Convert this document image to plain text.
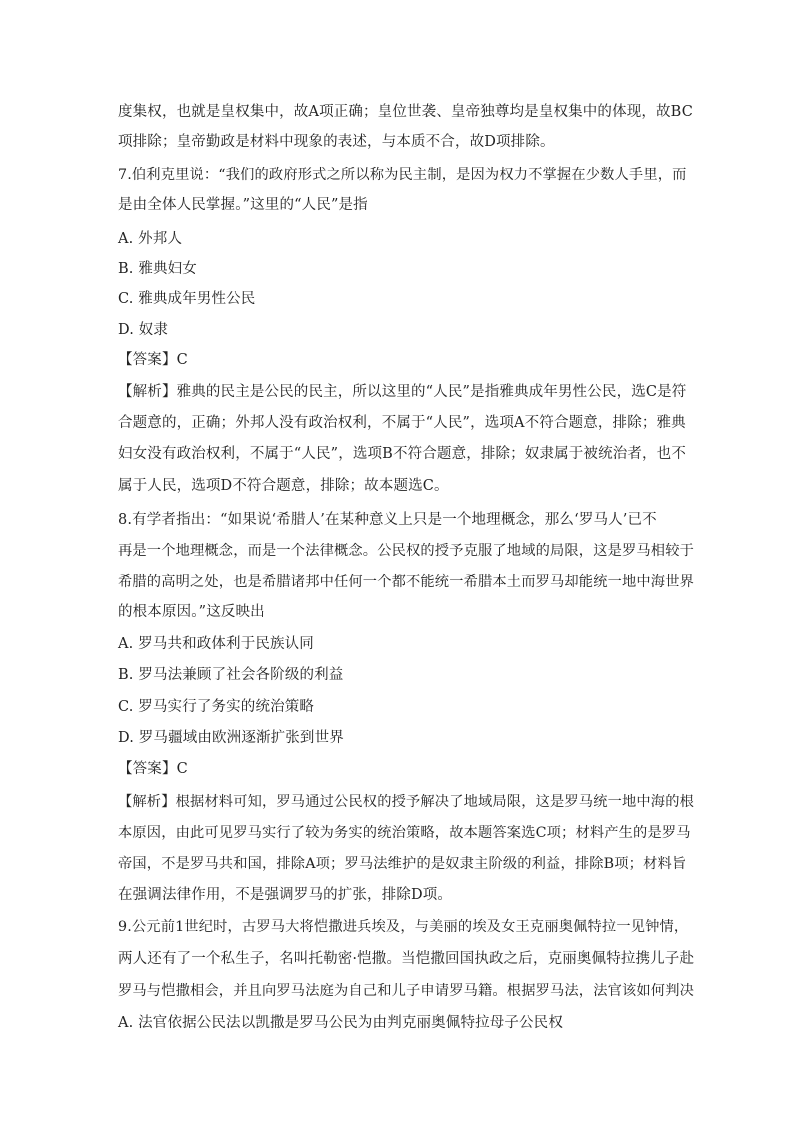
度集权，也就是皇权集中，故A项正确；皇位世袭、皇帝独尊均是皇权集中的体现，故BC
项排除；皇帝勤政是材料中现象的表述，与本质不合，故D项排除。
7.伯利克里说：“我们的政府形式之所以称为民主制，是因为权力不掌握在少数人手里，而
是由全体人民掌握。”这里的“人民”是指
A. 外邦人
B. 雅典妇女
C. 雅典成年男性公民
D. 奴隶
【答案】C
【解析】雅典的民主是公民的民主，所以这里的“人民”是指雅典成年男性公民，选C是符
合题意的，正确；外邦人没有政治权利，不属于“人民”，选项A不符合题意，排除；雅典
妇女没有政治权利，不属于“人民”，选项B不符合题意，排除；奴隶属于被统治者，也不
属于人民，选项D不符合题意，排除；故本题选C。
8.有学者指出：“如果说‘希腊人’在某种意义上只是一个地理概念，那么‘罗马人’已不
再是一个地理概念，而是一个法律概念。公民权的授予克服了地域的局限，这是罗马相较于
希腊的高明之处，也是希腊诸邦中任何一个都不能统一希腊本土而罗马却能统一地中海世界
的根本原因。”这反映出
A. 罗马共和政体利于民族认同
B. 罗马法兼顾了社会各阶级的利益
C. 罗马实行了务实的统治策略
D. 罗马疆域由欧洲逐渐扩张到世界
【答案】C
【解析】根据材料可知，罗马通过公民权的授予解决了地域局限，这是罗马统一地中海的根
本原因，由此可见罗马实行了较为务实的统治策略，故本题答案选C项；材料产生的是罗马
帝国，不是罗马共和国，排除A项；罗马法维护的是奴隶主阶级的利益，排除B项；材料旨
在强调法律作用，不是强调罗马的扩张，排除D项。
9.公元前1世纪时，古罗马大将恺撒进兵埃及，与美丽的埃及女王克丽奥佩特拉一见钟情，
两人还有了一个私生子，名叫托勒密·恺撒。当恺撒回国执政之后，克丽奥佩特拉携儿子赴
罗马与恺撒相会，并且向罗马法庭为自己和儿子申请罗马籍。根据罗马法，法官该如何判决
A. 法官依据公民法以凯撒是罗马公民为由判克丽奥佩特拉母子公民权
